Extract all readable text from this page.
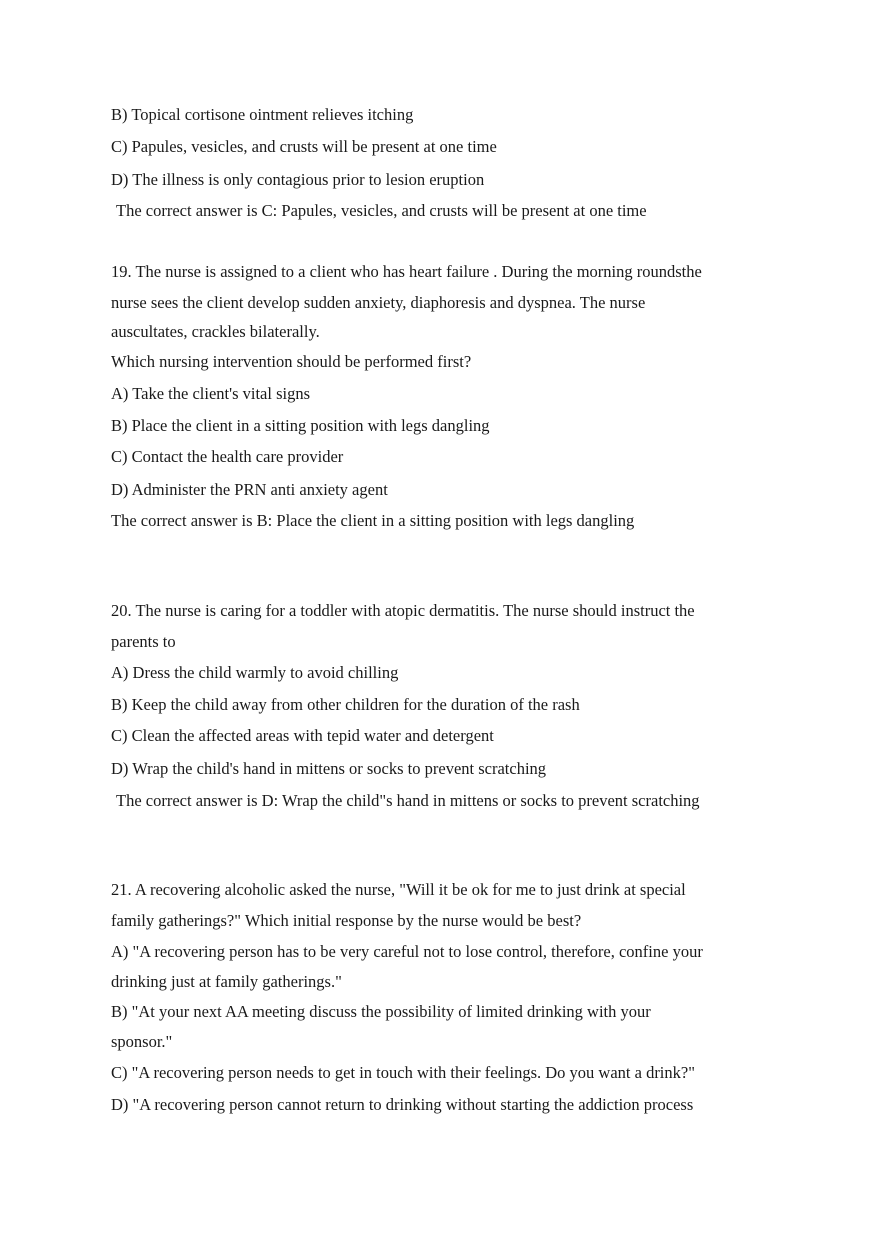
B) Topical cortisone ointment relieves itching
C) Papules, vesicles, and crusts will be present at one time
D) The illness is only contagious prior to lesion eruption
The correct answer is C: Papules, vesicles, and crusts will be present at one time
19. The nurse is assigned to a client who has heart failure . During the morning roundsthe
nurse sees the client develop sudden anxiety, diaphoresis and dyspnea. The nurse
auscultates, crackles bilaterally.
Which nursing intervention should be performed first?
A) Take the client's vital signs
B) Place the client in a sitting position with legs dangling
C) Contact the health care provider
D) Administer the PRN anti anxiety agent
The correct answer is B: Place the client in a sitting position with legs dangling
20. The nurse is caring for a toddler with atopic dermatitis. The nurse should instruct the
parents to
A) Dress the child warmly to avoid chilling
B) Keep the child away from other children for the duration of the rash
C) Clean the affected areas with tepid water and detergent
D) Wrap the child's hand in mittens or socks to prevent scratching
The correct answer is D: Wrap the child"s hand in mittens or socks to prevent scratching
21. A recovering alcoholic asked the nurse, "Will it be ok for me to just drink at special
family gatherings?" Which initial response by the nurse would be best?
A) "A recovering person has to be very careful not to lose control, therefore, confine your
drinking just at family gatherings."
B) "At your next AA meeting discuss the possibility of limited drinking with your
sponsor."
C) "A recovering person needs to get in touch with their feelings. Do you want a drink?"
D) "A recovering person cannot return to drinking without starting the addiction process
